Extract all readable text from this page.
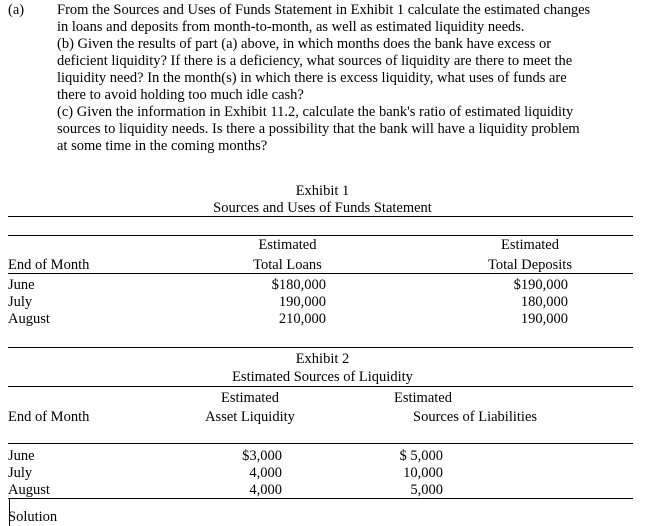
(a) From the Sources and Uses of Funds Statement in Exhibit 1 calculate the estimated changes
in loans and deposits from month-to-month, as well as estimated liquidity needs.
(b) Given the results of part (a) above, in which months does the bank have excess or
deficient liquidity? If there is a deficiency, what sources of liquidity are there to meet the
liquidity need? In the month(s) in which there is excess liquidity, what uses of funds are
there to avoid holding too much idle cash?
(c) Given the information in Exhibit 11.2, calculate the bank's ratio of estimated liquidity
sources to liquidity needs. Is there a possibility that the bank will have a liquidity problem
at some time in the coming months?
Exhibit 1
Sources and Uses of Funds Statement
Estimated	Estimated
End of Month	Total Loans	Total Deposits
June	$180,000	$190,000
July	190,000	180,000
August	210,000	190,000
Exhibit 2
Estimated Sources of Liquidity
Estimated	Estimated
End of Month	Asset Liquidity	Sources of Liabilities
June	$3,000	$ 5,000
July	4,000	10,000
August	4,000	5,000
Solution
